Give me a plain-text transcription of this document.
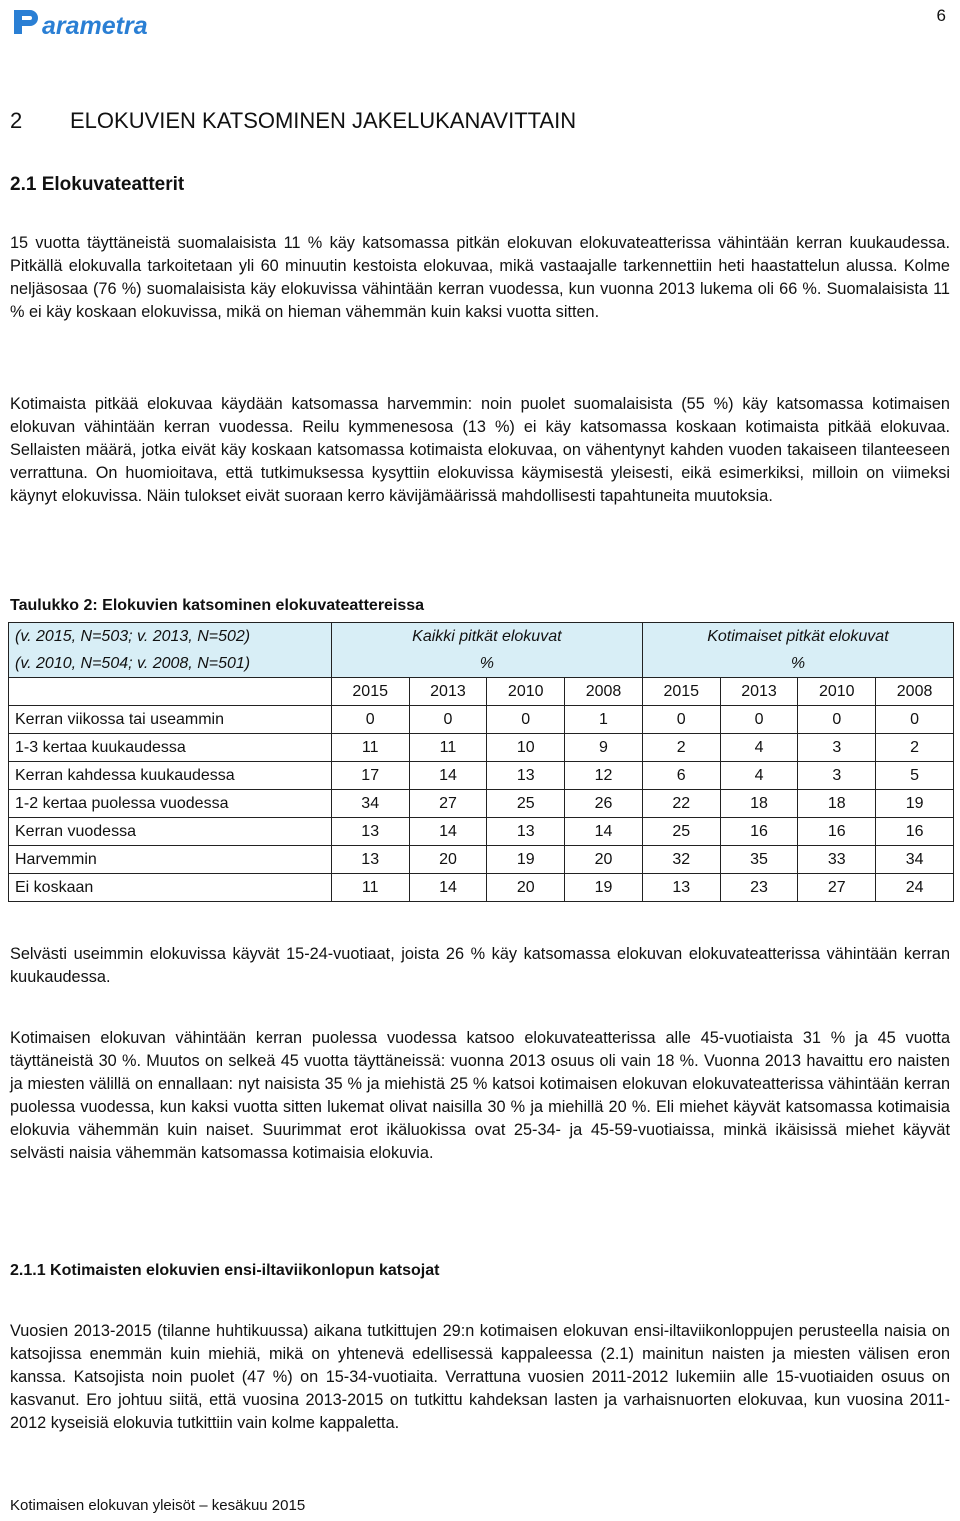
arametra	6
2 ELOKUVIEN KATSOMINEN JAKELUKANAVITTAIN
2.1 Elokuvateatterit

15 vuotta täyttäneistä suomalaisista 11 % käy katsomassa pitkän elokuvan elokuvateatterissa vähintään kerran kuukaudessa. Pitkällä elokuvalla tarkoitetaan yli 60 minuutin kestoista elokuvaa, mikä vastaajalle tarkennettiin heti haastattelun alussa. Kolme neljäsosaa (76 %) suomalaisista käy elokuvissa vähintään kerran vuodessa, kun vuonna 2013 lukema oli 66 %. Suomalaisista 11 % ei käy koskaan elokuvissa, mikä on hieman vähemmän kuin kaksi vuotta sitten.

Kotimaista pitkää elokuvaa käydään katsomassa harvemmin: noin puolet suomalaisista (55 %) käy katsomassa kotimaisen elokuvan vähintään kerran vuodessa. Reilu kymmenesosa (13 %) ei käy katsomassa koskaan kotimaista pitkää elokuvaa. Sellaisten määrä, jotka eivät käy koskaan katsomassa kotimaista elokuvaa, on vähentynyt kahden vuoden takaiseen tilanteeseen verrattuna. On huomioitava, että tutkimuksessa kysyttiin elokuvissa käymisestä yleisesti, eikä esimerkiksi, milloin on viimeksi käynyt elokuvissa. Näin tulokset eivät suoraan kerro kävijämäärissä mahdollisesti tapahtuneita muutoksia.

Taulukko 2: Elokuvien katsominen elokuvateattereissa

(v. 2015, N=503; v. 2013, N=502)	Kaikki pitkät elokuvat				Kotimaiset pitkät elokuvat			
(v. 2010, N=504; v. 2008, N=501)	%				%			
	2015	2013	2010	2008	2015	2013	2010	2008
Kerran viikossa tai useammin	0	0	0	1	0	0	0	0
1-3 kertaa kuukaudessa	11	11	10	9	2	4	3	2
Kerran kahdessa kuukaudessa	17	14	13	12	6	4	3	5
1-2 kertaa puolessa vuodessa	34	27	25	26	22	18	18	19
Kerran vuodessa	13	14	13	14	25	16	16	16
Harvemmin	13	20	19	20	32	35	33	34
Ei koskaan	11	14	20	19	13	23	27	24

Selvästi useimmin elokuvissa käyvät 15-24-vuotiaat, joista 26 % käy katsomassa elokuvan elokuvateatterissa vähintään kerran kuukaudessa.

Kotimaisen elokuvan vähintään kerran puolessa vuodessa katsoo elokuvateatterissa alle 45-vuotiaista 31 % ja 45 vuotta täyttäneistä 30 %. Muutos on selkeä 45 vuotta täyttäneissä: vuonna 2013 osuus oli vain 18 %. Vuonna 2013 havaittu ero naisten ja miesten välillä on ennallaan: nyt naisista 35 % ja miehistä 25 % katsoi kotimaisen elokuvan elokuvateatterissa vähintään kerran puolessa vuodessa, kun kaksi vuotta sitten lukemat olivat naisilla 30 % ja miehillä 20 %. Eli miehet käyvät katsomassa kotimaisia elokuvia vähemmän kuin naiset. Suurimmat erot ikäluokissa ovat 25-34- ja 45-59-vuotiaissa, minkä ikäisissä miehet käyvät selvästi naisia vähemmän katsomassa kotimaisia elokuvia.

2.1.1 Kotimaisten elokuvien ensi-iltaviikonlopun katsojat

Vuosien 2013-2015 (tilanne huhtikuussa) aikana tutkittujen 29:n kotimaisen elokuvan ensi-iltaviikonloppujen perusteella naisia on katsojissa enemmän kuin miehiä, mikä on yhtenevä edellisessä kappaleessa (2.1) mainitun naisten ja miesten välisen eron kanssa. Katsojista noin puolet (47 %) on 15-34-vuotiaita. Verrattuna vuosien 2011-2012 lukemiin alle 15-vuotiaiden osuus on kasvanut. Ero johtuu siitä, että vuosina 2013-2015 on tutkittu kahdeksan lasten ja varhaisnuorten elokuvaa, kun vuosina 2011-2012 kyseisiä elokuvia tutkittiin vain kolme kappaletta.

Kotimaisen elokuvan yleisöt – kesäkuu 2015
